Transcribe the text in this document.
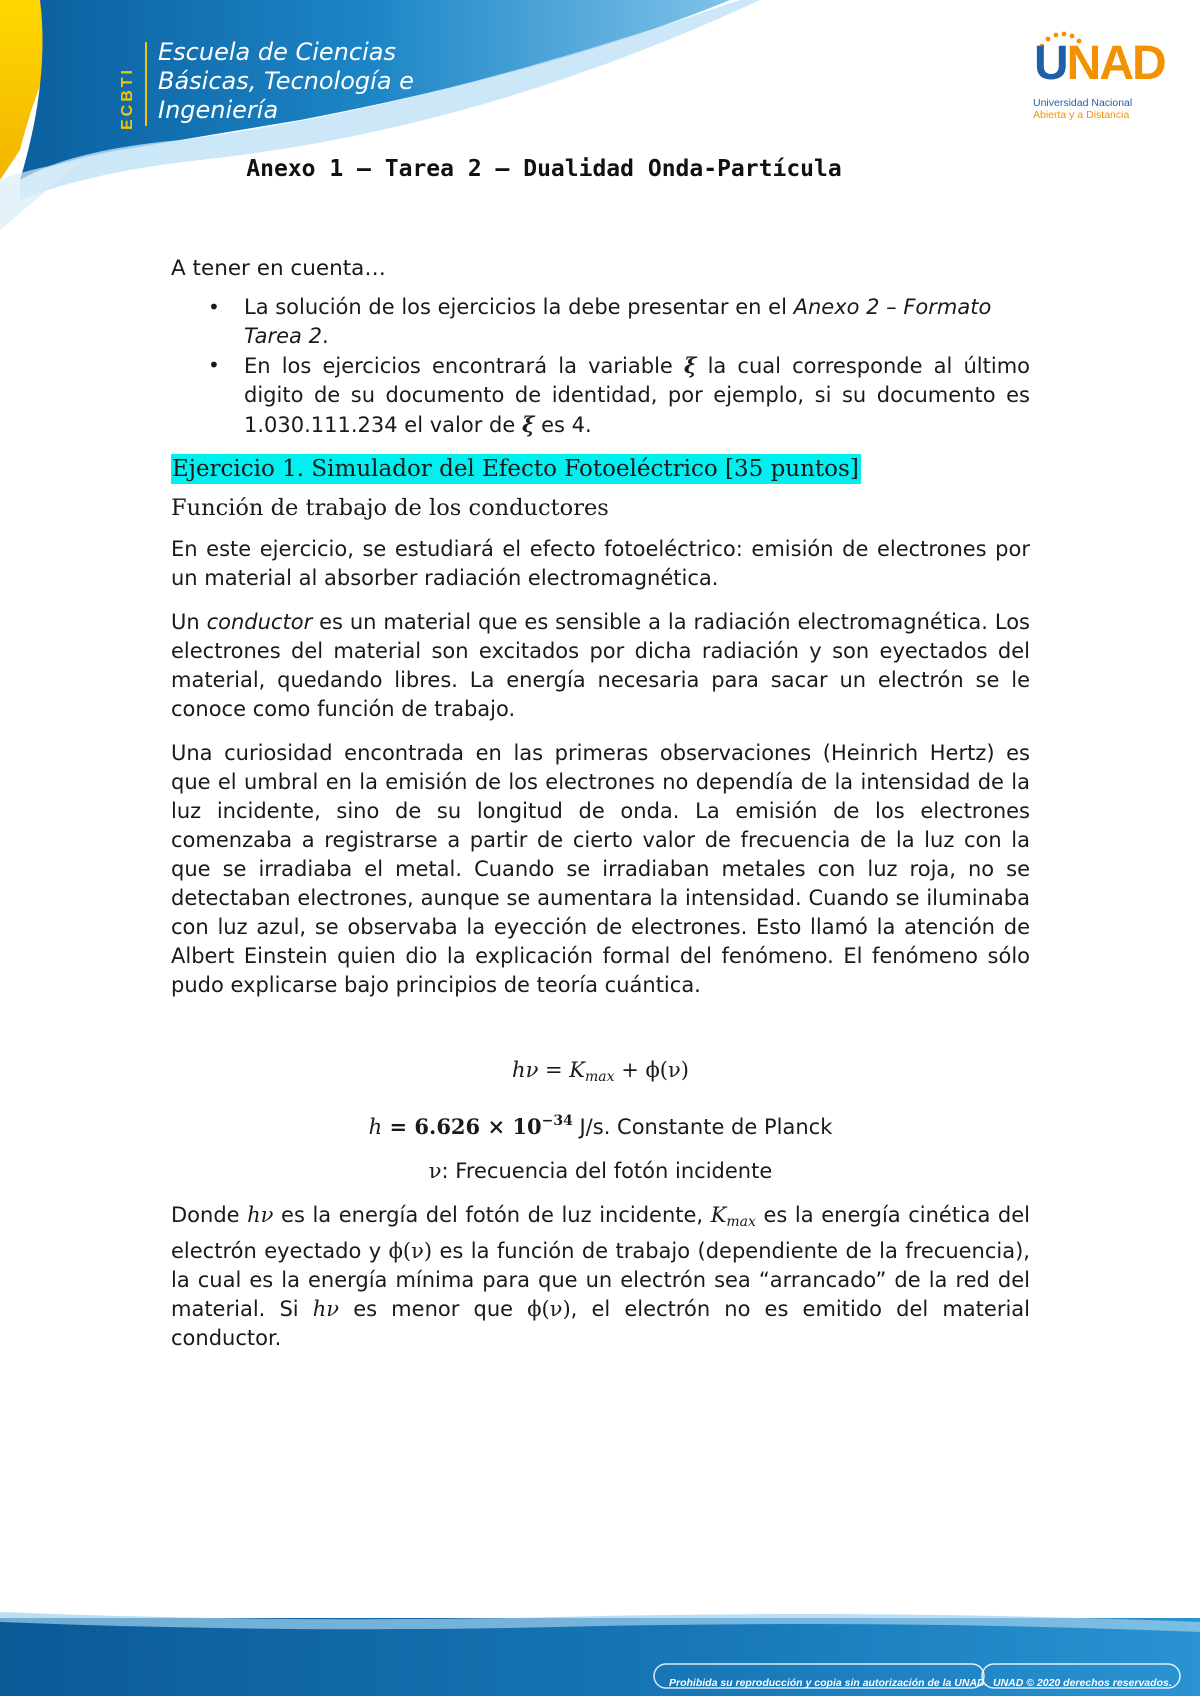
ECBTI
Escuela de Ciencias
Básicas, Tecnología e
Ingeniería
UNAD
Universidad Nacional
Abierta y a Distancia
Anexo 1 – Tarea 2 – Dualidad Onda-Partícula
A tener en cuenta…
• La solución de los ejercicios la debe presentar en el Anexo 2 – Formato Tarea 2.
• En los ejercicios encontrará la variable ξ la cual corresponde al último digito de su documento de identidad, por ejemplo, si su documento es 1.030.111.234 el valor de ξ es 4.
Ejercicio 1. Simulador del Efecto Fotoeléctrico [35 puntos]
Función de trabajo de los conductores

En este ejercicio, se estudiará el efecto fotoeléctrico: emisión de electrones por un material al absorber radiación electromagnética.

Un conductor es un material que es sensible a la radiación electromagnética. Los electrones del material son excitados por dicha radiación y son eyectados del material, quedando libres. La energía necesaria para sacar un electrón se le conoce como función de trabajo.

Una curiosidad encontrada en las primeras observaciones (Heinrich Hertz) es que el umbral en la emisión de los electrones no dependía de la intensidad de la luz incidente, sino de su longitud de onda. La emisión de los electrones comenzaba a registrarse a partir de cierto valor de frecuencia de la luz con la que se irradiaba el metal. Cuando se irradiaban metales con luz roja, no se detectaban electrones, aunque se aumentara la intensidad. Cuando se iluminaba con luz azul, se observaba la eyección de electrones. Esto llamó la atención de Albert Einstein quien dio la explicación formal del fenómeno. El fenómeno sólo pudo explicarse bajo principios de teoría cuántica.

$h\nu = K_{max} + \phi(\nu)$
$h = 6.626 \times 10^{-34}$ J/s. Constante de Planck
ν: Frecuencia del fotón incidente

Donde hν es la energía del fotón de luz incidente, $K_{max}$ es la energía cinética del electrón eyectado y ϕ(ν) es la función de trabajo (dependiente de la frecuencia), la cual es la energía mínima para que un electrón sea “arrancado” de la red del material. Si hν es menor que ϕ(ν), el electrón no es emitido del material conductor.

Prohibida su reproducción y copia sin autorización de la UNAD. UNAD © 2020 derechos reservados.
